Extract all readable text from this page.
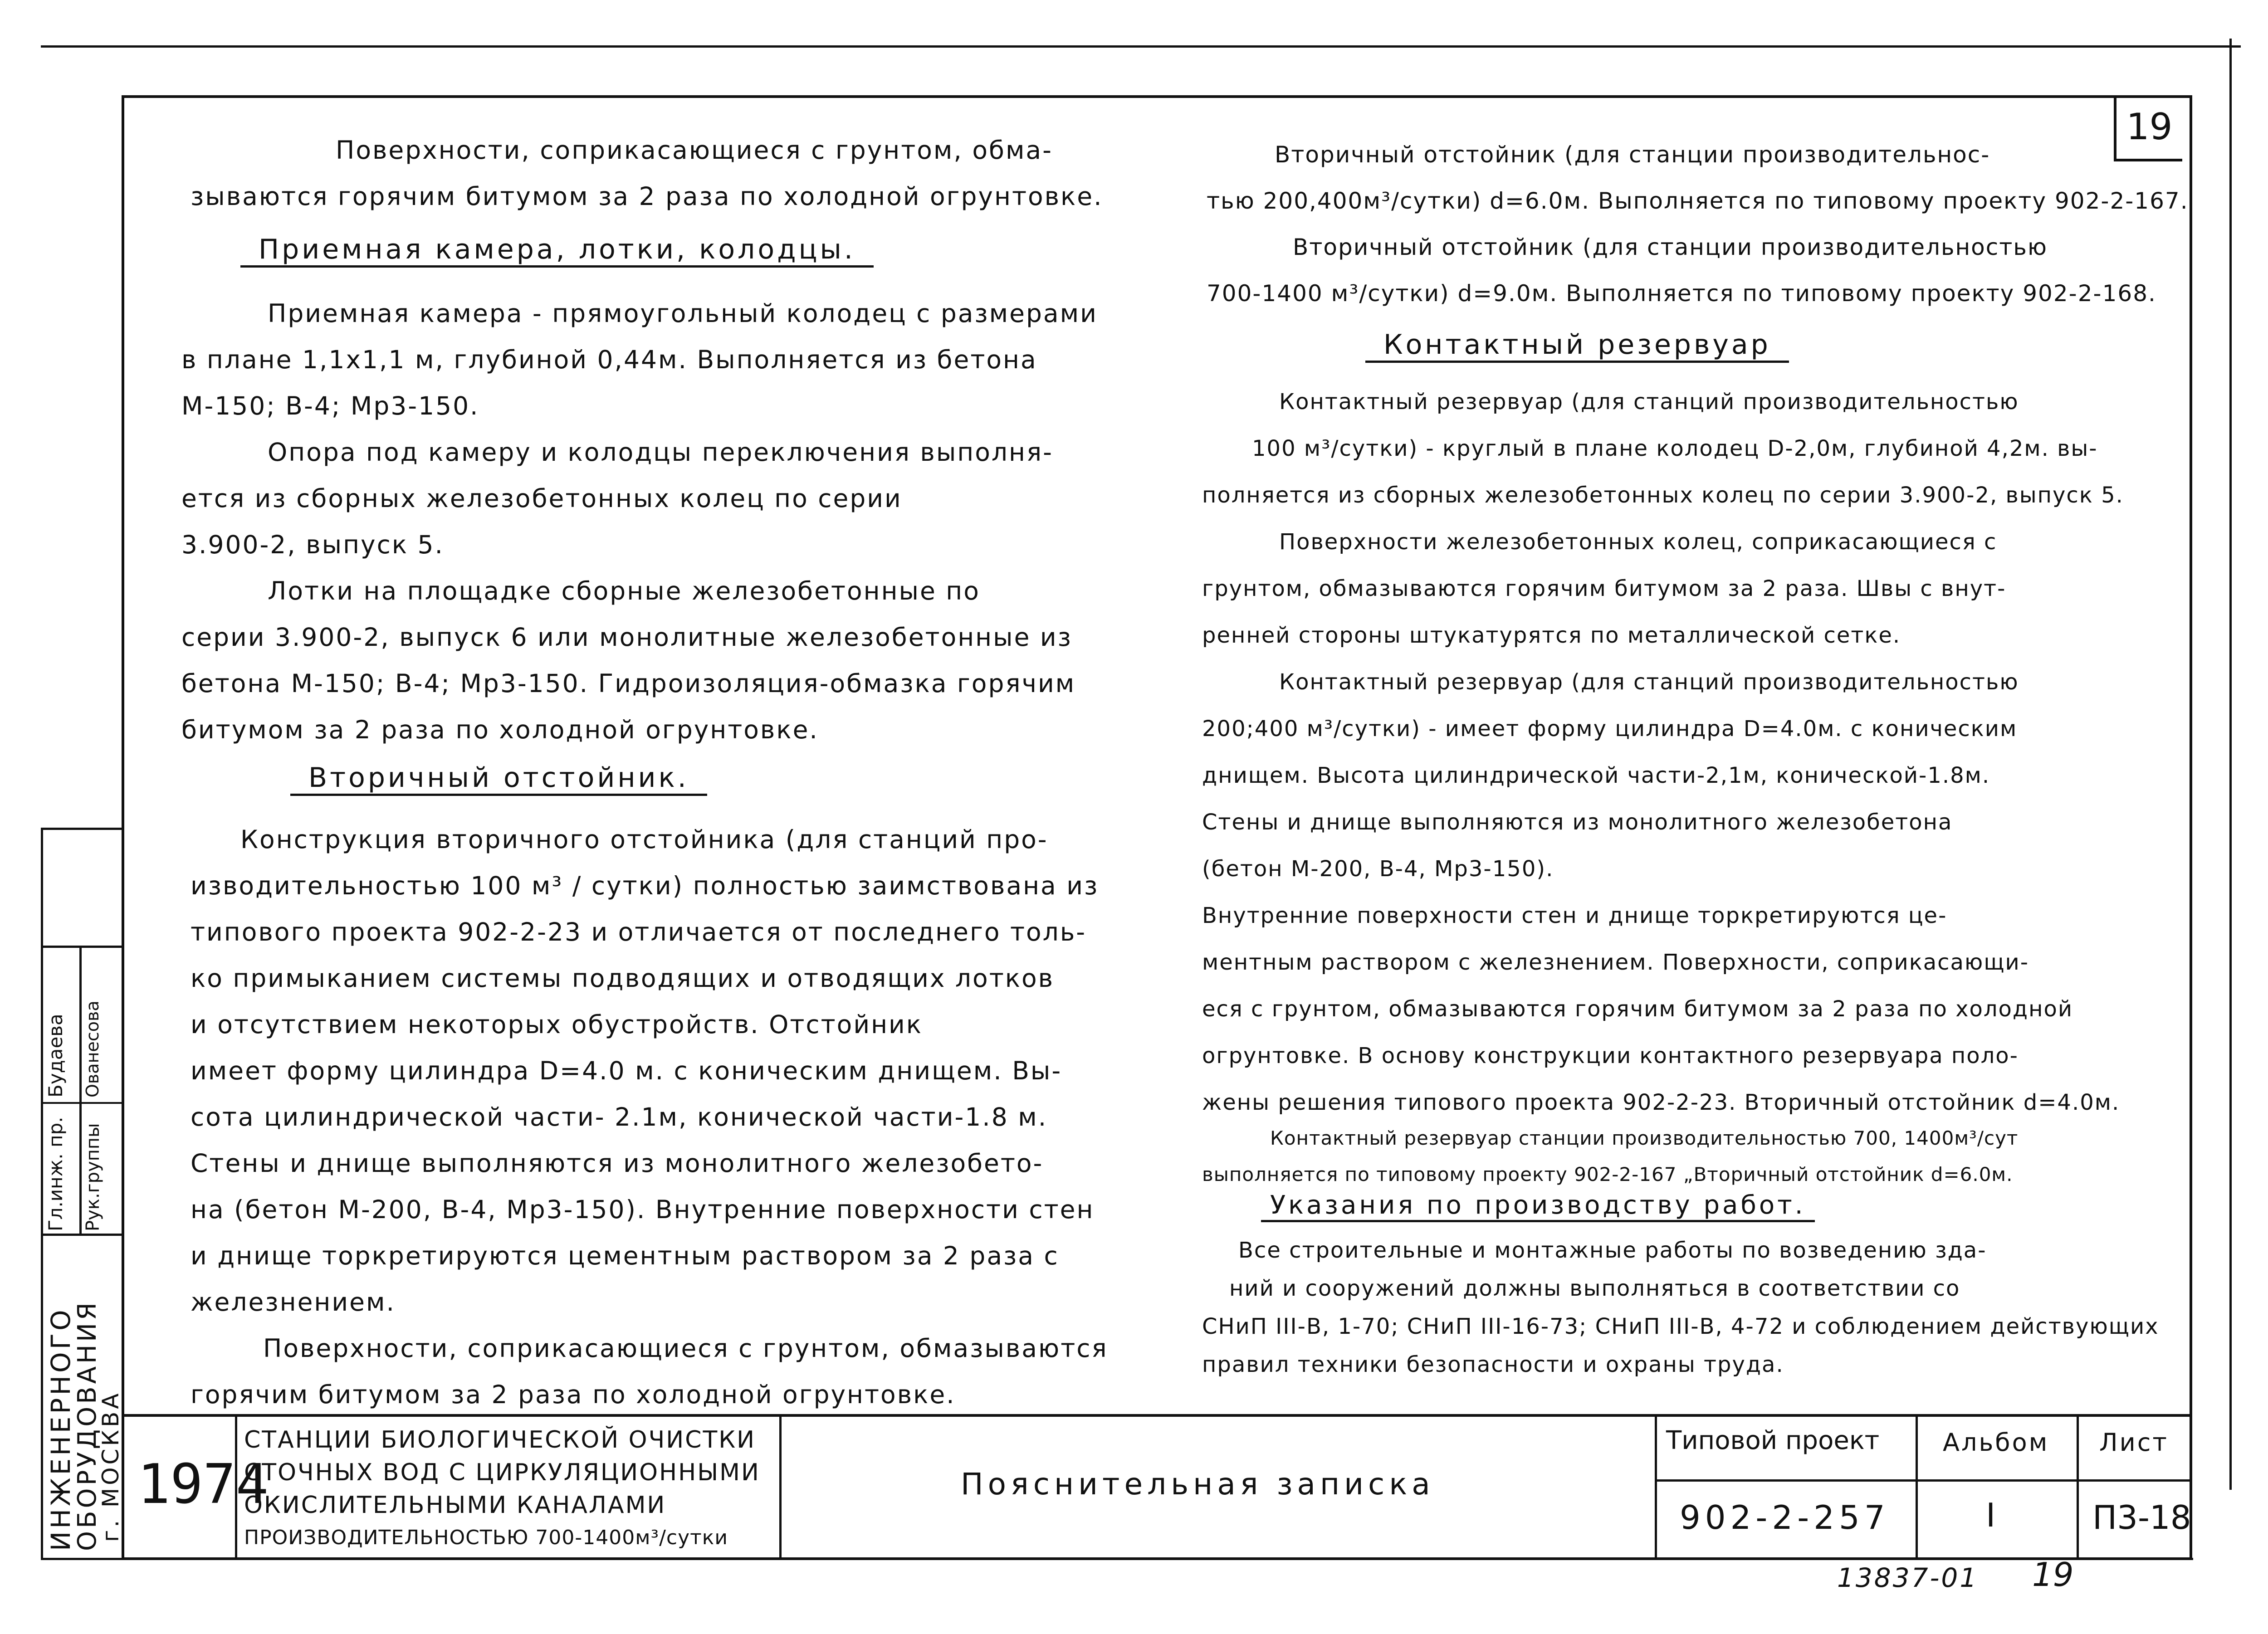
19

Поверхности, соприкасающиеся с грунтом, обма-

зываются горячим битумом за 2 раза по холодной огрунтовке.

Приемная камера, лотки, колодцы.

Приемная камера - прямоугольный колодец с размерами

в плане 1,1х1,1 м, глубиной 0,44м. Выполняется из бетона

М-150; В-4; Мр3-150.

Опора под камеру и колодцы переключения выполня-

ется из сборных железобетонных колец по серии

3.900-2, выпуск 5.

Лотки на площадке сборные железобетонные по

серии 3.900-2, выпуск 6 или монолитные железобетонные из

бетона М-150; В-4; Мр3-150. Гидроизоляция-обмазка горячим

битумом за 2 раза по холодной огрунтовке.

Вторичный отстойник.

Конструкция вторичного отстойника (для станций про-

изводительностью 100 м³ / сутки) полностью заимствована из

типового проекта 902-2-23 и отличается от последнего толь-

ко примыканием системы подводящих и отводящих лотков

и отсутствием некоторых обустройств. Отстойник

имеет форму цилиндра D=4.0 м. с коническим днищем. Вы-

сота цилиндрической части- 2.1м, конической части-1.8 м.

Стены и днище выполняются из монолитного железобето-

на (бетон М-200, В-4, Мр3-150). Внутренние поверхности стен

и днище торкретируются цементным раствором за 2 раза с

железнением.

Поверхности, соприкасающиеся с грунтом, обмазываются

горячим битумом за 2 раза по холодной огрунтовке.

Вторичный отстойник (для станции производительнос-

тью 200,400м³/сутки) d=6.0м. Выполняется по типовому проекту 902-2-167.

Вторичный отстойник (для станции производительностью

700-1400 м³/сутки) d=9.0м. Выполняется по типовому проекту 902-2-168.

Контактный резервуар

Контактный резервуар (для станций производительностью

100 м³/сутки) - круглый в плане колодец D-2,0м, глубиной 4,2м. вы-

полняется из сборных железобетонных колец по серии 3.900-2, выпуск 5.

Поверхности железобетонных колец, соприкасающиеся с

грунтом, обмазываются горячим битумом за 2 раза. Швы с внут-

ренней стороны штукатурятся по металлической сетке.

Контактный резервуар (для станций производительностью

200;400 м³/сутки) - имеет форму цилиндра D=4.0м. с коническим

днищем. Высота цилиндрической части-2,1м, конической-1.8м.

Стены и днище выполняются из монолитного железобетона

(бетон М-200, В-4, Мр3-150).

Внутренние поверхности стен и днище торкретируются це-

ментным раствором с железнением. Поверхности, соприкасающи-

еся с грунтом, обмазываются горячим битумом за 2 раза по холодной

огрунтовке. В основу конструкции контактного резервуара поло-

жены решения типового проекта 902-2-23. Вторичный отстойник d=4.0м.

Контактный резервуар станции производительностью 700, 1400м³/сут

выполняется по типовому проекту 902-2-167 „Вторичный отстойник d=6.0м.

Указания по производству работ.

Все строительные и монтажные работы по возведению зда-

ний и сооружений должны выполняться в соответствии со

СНиП III-В, 1-70; СНиП III-16-73; СНиП III-В, 4-72 и соблюдением действующих

правил техники безопасности и охраны труда.

Гл.инж. пр.
Будаева
Рук.группы
Ованесова
ИНЖЕНЕРНОГО
ОБОРУДОВАНИЯ
г. МОСКВА 1974
СТАНЦИИ БИОЛОГИЧЕСКОЙ ОЧИСТКИ
СТОЧНЫХ ВОД С ЦИРКУЛЯЦИОННЫМИ
ОКИСЛИТЕЛЬНЫМИ КАНАЛАМИ
ПРОИЗВОДИТЕЛЬНОСТЬЮ 700-1400м³/сутки
Пояснительная записка
Типовой проект
902-2-257
Альбом
I
Лист
П3-18
13837-01 19
